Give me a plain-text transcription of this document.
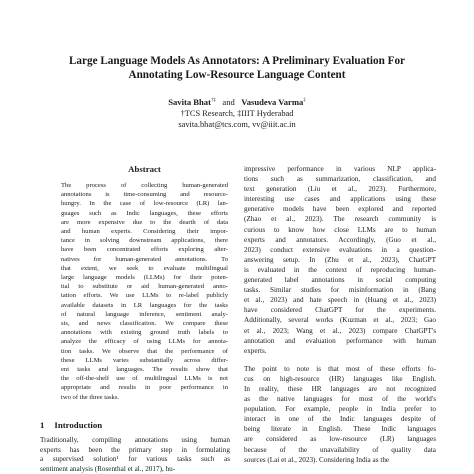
Large Language Models As Annotators: A Preliminary Evaluation For
Annotating Low-Resource Language Content
Savita Bhat†‡ and Vasudeva Varma‡
†TCS Research, ‡IIIT Hyderabad
savita.bhat@tcs.com, vv@iiit.ac.in
Abstract
The process of collecting human-generated
annotations is time-consuming and resource-
hungry. In the case of low-resource (LR) lan-
guages such as Indic languages, these efforts
are more expensive due to the dearth of data
and human experts. Considering their impor-
tance in solving downstream applications, there
have been concentrated efforts exploring alter-
natives for human-generated annotations. To
that extent, we seek to evaluate multilingual
large language models (LLMs) for their poten-
tial to substitute or aid human-generated anno-
tation efforts. We use LLMs to re-label publicly
available datasets in LR languages for the tasks
of natural language inference, sentiment analy-
sis, and news classification. We compare these
annotations with existing ground truth labels to
analyze the efficacy of using LLMs for annota-
tion tasks. We observe that the performance of
these LLMs varies substantially across differ-
ent tasks and languages. The results show that
the off-the-shelf use of multilingual LLMs is not
appropriate and results in poor performance in
two of the three tasks.
1 Introduction
Traditionally, compiling annotations using human
experts has been the primary step in formulating
a supervised solution¹ for various tasks such as
sentiment analysis (Rosenthal et al., 2017), hu-
impressive performance in various NLP applica-
tions such as summarization, classification, and
text generation (Liu et al., 2023). Furthermore,
interesting use cases and applications using these
generative models have been explored and reported
(Zhao et al., 2023). The research community is
curious to know how close LLMs are to human
experts and annotators. Accordingly, (Guo et al.,
2023) conduct extensive evaluations in a question-
answering setup. In (Zhu et al., 2023), ChatGPT
is evaluated in the context of reproducing human-
generated label annotations in social computing
tasks. Similar studies for misinformation in (Bang
et al., 2023) and hate speech in (Huang et al., 2023)
have considered ChatGPT for the experiments.
Additionally, several works (Kuzman et al., 2023; Gao
et al., 2023; Wang et al., 2023) compare ChatGPT's
annotation and evaluation performance with human
experts.
The point to note is that most of these efforts fo-
cus on high-resource (HR) languages like English.
In reality, these HR languages are not recognized
as the native languages for most of the world's
population. For example, people in India prefer to
interact in one of the Indic languages despite of
being literate in English. These Indic languages
are considered as low-resource (LR) languages
because of the unavailability of quality data
sources (Lai et al., 2023). Considering India as the
